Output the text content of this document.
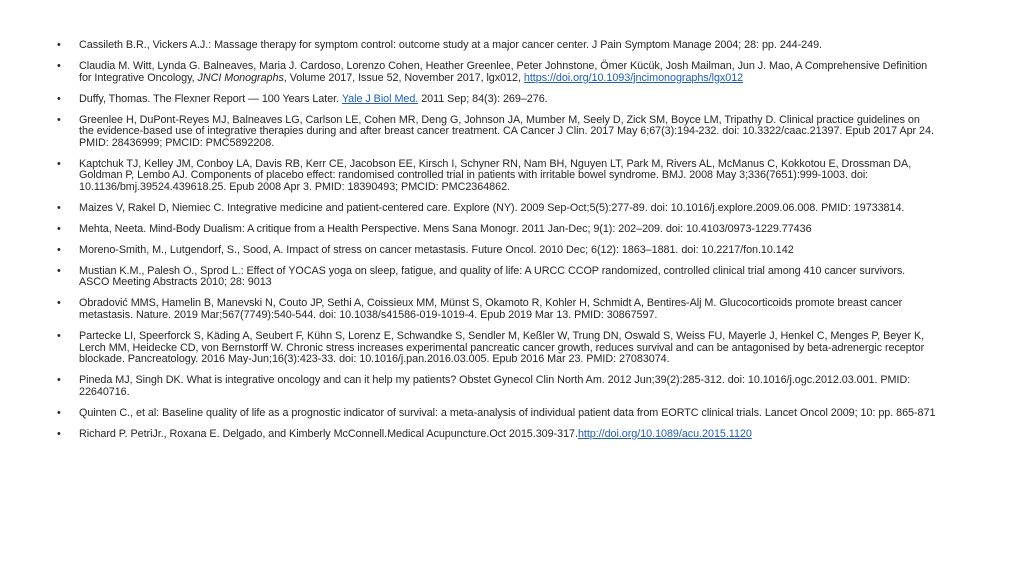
• Cassileth B.R., Vickers A.J.: Massage therapy for symptom control: outcome study at a major cancer center. J Pain Symptom Manage 2004; 28: pp. 244-249.
• Claudia M. Witt, Lynda G. Balneaves, Maria J. Cardoso, Lorenzo Cohen, Heather Greenlee, Peter Johnstone, Ömer Kücük, Josh Mailman, Jun J. Mao, A Comprehensive Definition for Integrative Oncology, JNCI Monographs, Volume 2017, Issue 52, November 2017, lgx012, https://doi.org/10.1093/jncimonographs/lgx012
• Duffy, Thomas. The Flexner Report — 100 Years Later. Yale J Biol Med. 2011 Sep; 84(3): 269–276.
• Greenlee H, DuPont-Reyes MJ, Balneaves LG, Carlson LE, Cohen MR, Deng G, Johnson JA, Mumber M, Seely D, Zick SM, Boyce LM, Tripathy D. Clinical practice guidelines on the evidence-based use of integrative therapies during and after breast cancer treatment. CA Cancer J Clin. 2017 May 6;67(3):194-232. doi: 10.3322/caac.21397. Epub 2017 Apr 24. PMID: 28436999; PMCID: PMC5892208.
• Kaptchuk TJ, Kelley JM, Conboy LA, Davis RB, Kerr CE, Jacobson EE, Kirsch I, Schyner RN, Nam BH, Nguyen LT, Park M, Rivers AL, McManus C, Kokkotou E, Drossman DA, Goldman P, Lembo AJ. Components of placebo effect: randomised controlled trial in patients with irritable bowel syndrome. BMJ. 2008 May 3;336(7651):999-1003. doi: 10.1136/bmj.39524.439618.25. Epub 2008 Apr 3. PMID: 18390493; PMCID: PMC2364862.
• Maizes V, Rakel D, Niemiec C. Integrative medicine and patient-centered care. Explore (NY). 2009 Sep-Oct;5(5):277-89. doi: 10.1016/j.explore.2009.06.008. PMID: 19733814.
• Mehta, Neeta. Mind-Body Dualism: A critique from a Health Perspective. Mens Sana Monogr. 2011 Jan-Dec; 9(1): 202–209. doi: 10.4103/0973-1229.77436
• Moreno-Smith, M., Lutgendorf, S., Sood, A. Impact of stress on cancer metastasis. Future Oncol. 2010 Dec; 6(12): 1863–1881. doi: 10.2217/fon.10.142
• Mustian K.M., Palesh O., Sprod L.: Effect of YOCAS yoga on sleep, fatigue, and quality of life: A URCC CCOP randomized, controlled clinical trial among 410 cancer survivors. ASCO Meeting Abstracts 2010; 28: 9013
• Obradović MMS, Hamelin B, Manevski N, Couto JP, Sethi A, Coissieux MM, Münst S, Okamoto R, Kohler H, Schmidt A, Bentires-Alj M. Glucocorticoids promote breast cancer metastasis. Nature. 2019 Mar;567(7749):540-544. doi: 10.1038/s41586-019-1019-4. Epub 2019 Mar 13. PMID: 30867597.
• Partecke LI, Speerforck S, Käding A, Seubert F, Kühn S, Lorenz E, Schwandke S, Sendler M, Keßler W, Trung DN, Oswald S, Weiss FU, Mayerle J, Henkel C, Menges P, Beyer K, Lerch MM, Heidecke CD, von Bernstorff W. Chronic stress increases experimental pancreatic cancer growth, reduces survival and can be antagonised by beta-adrenergic receptor blockade. Pancreatology. 2016 May-Jun;16(3):423-33. doi: 10.1016/j.pan.2016.03.005. Epub 2016 Mar 23. PMID: 27083074.
• Pineda MJ, Singh DK. What is integrative oncology and can it help my patients? Obstet Gynecol Clin North Am. 2012 Jun;39(2):285-312. doi: 10.1016/j.ogc.2012.03.001. PMID: 22640716.
• Quinten C., et al: Baseline quality of life as a prognostic indicator of survival: a meta-analysis of individual patient data from EORTC clinical trials. Lancet Oncol 2009; 10: pp. 865-871
• Richard P. PetriJr., Roxana E. Delgado, and Kimberly McConnell.Medical Acupuncture.Oct 2015.309-317.http://doi.org/10.1089/acu.2015.1120
